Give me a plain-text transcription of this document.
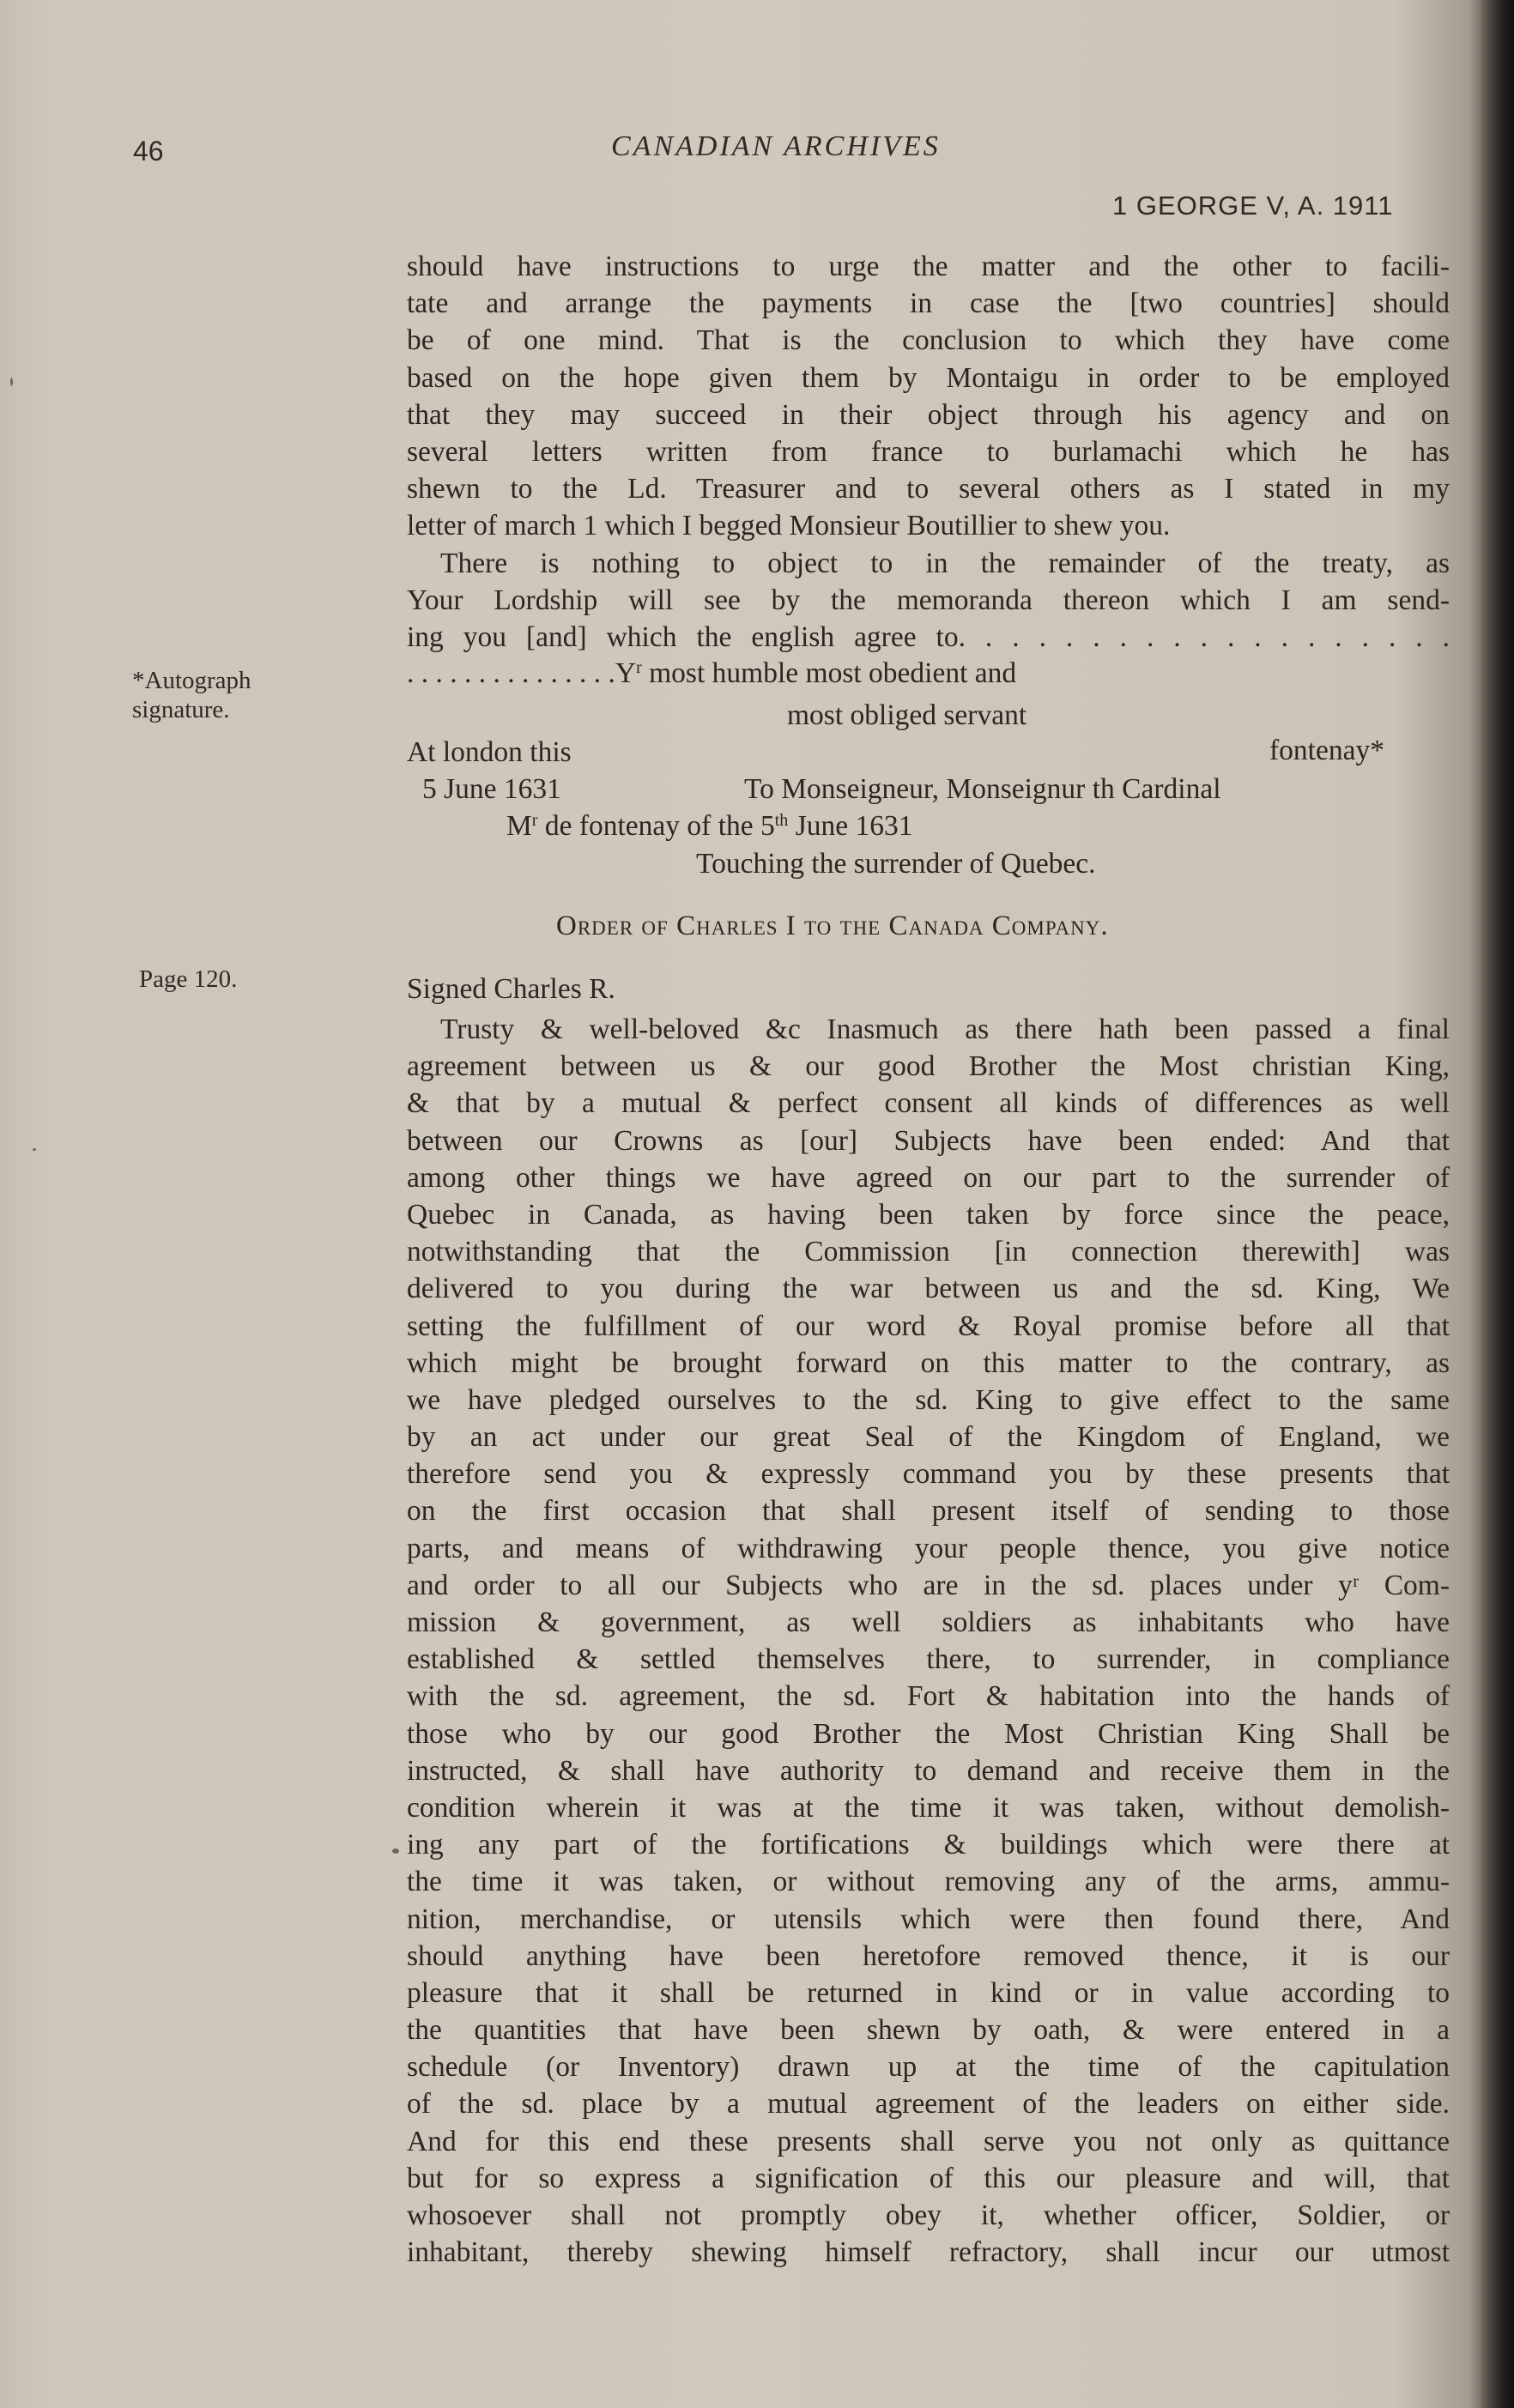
46	CANADIAN ARCHIVES
1 GEORGE V, A. 1911
*Autograph
signature.
Page 120.
should have instructions to urge the matter and the other to facili-
tate and arrange the payments in case the [two countries] should
be of one mind. That is the conclusion to which they have come
based on the hope given them by Montaigu in order to be employed
that they may succeed in their object through his agency and on
several letters written from france to burlamachi which he has
shewn to the Ld. Treasurer and to several others as I stated in my
letter of march 1 which I begged Monsieur Boutillier to shew you.
There is nothing to object to in the remainder of the treaty, as
Your Lordship will see by the memoranda thereon which I am send-
ing you [and] which the english agree to. . . . . . . . . . . . . . . . . . .
. . . . . . . . . . . . . . $.Y^r$ most humble most obedient and
most obliged servant
At london this	fontenay*
5 June 1631	To Monseigneur, Monseignur th Cardinal
$M^r$ de fontenay of the 5th June 1631
Touching the surrender of Quebec.
Order of Charles I to the Canada Company.
Signed Charles R.
Trusty & well-beloved &c Inasmuch as there hath been passed a final
agreement between us & our good Brother the Most christian King,
& that by a mutual & perfect consent all kinds of differences as well
between our Crowns as [our] Subjects have been ended: And that
among other things we have agreed on our part to the surrender of
Quebec in Canada, as having been taken by force since the peace,
notwithstanding that the Commission [in connection therewith] was
delivered to you during the war between us and the sd. King, We
setting the fulfillment of our word & Royal promise before all that
which might be brought forward on this matter to the contrary, as
we have pledged ourselves to the sd. King to give effect to the same
by an act under our great Seal of the Kingdom of England, we
therefore send you & expressly command you by these presents that
on the first occasion that shall present itself of sending to those
parts, and means of withdrawing your people thence, you give notice
and order to all our Subjects who are in the sd. places under yʳ Com-
mission & government, as well soldiers as inhabitants who have
established & settled themselves there, to surrender, in compliance
with the sd. agreement, the sd. Fort & habitation into the hands of
those who by our good Brother the Most Christian King Shall be
instructed, & shall have authority to demand and receive them in the
condition wherein it was at the time it was taken, without demolish-
ing any part of the fortifications & buildings which were there at
the time it was taken, or without removing any of the arms, ammu-
nition, merchandise, or utensils which were then found there, And
should anything have been heretofore removed thence, it is our
pleasure that it shall be returned in kind or in value according to
the quantities that have been shewn by oath, & were entered in a
schedule (or Inventory) drawn up at the time of the capitulation
of the sd. place by a mutual agreement of the leaders on either side.
And for this end these presents shall serve you not only as quittance
but for so express a signification of this our pleasure and will, that
whosoever shall not promptly obey it, whether officer, Soldier, or
inhabitant, thereby shewing himself refractory, shall incur our utmost
